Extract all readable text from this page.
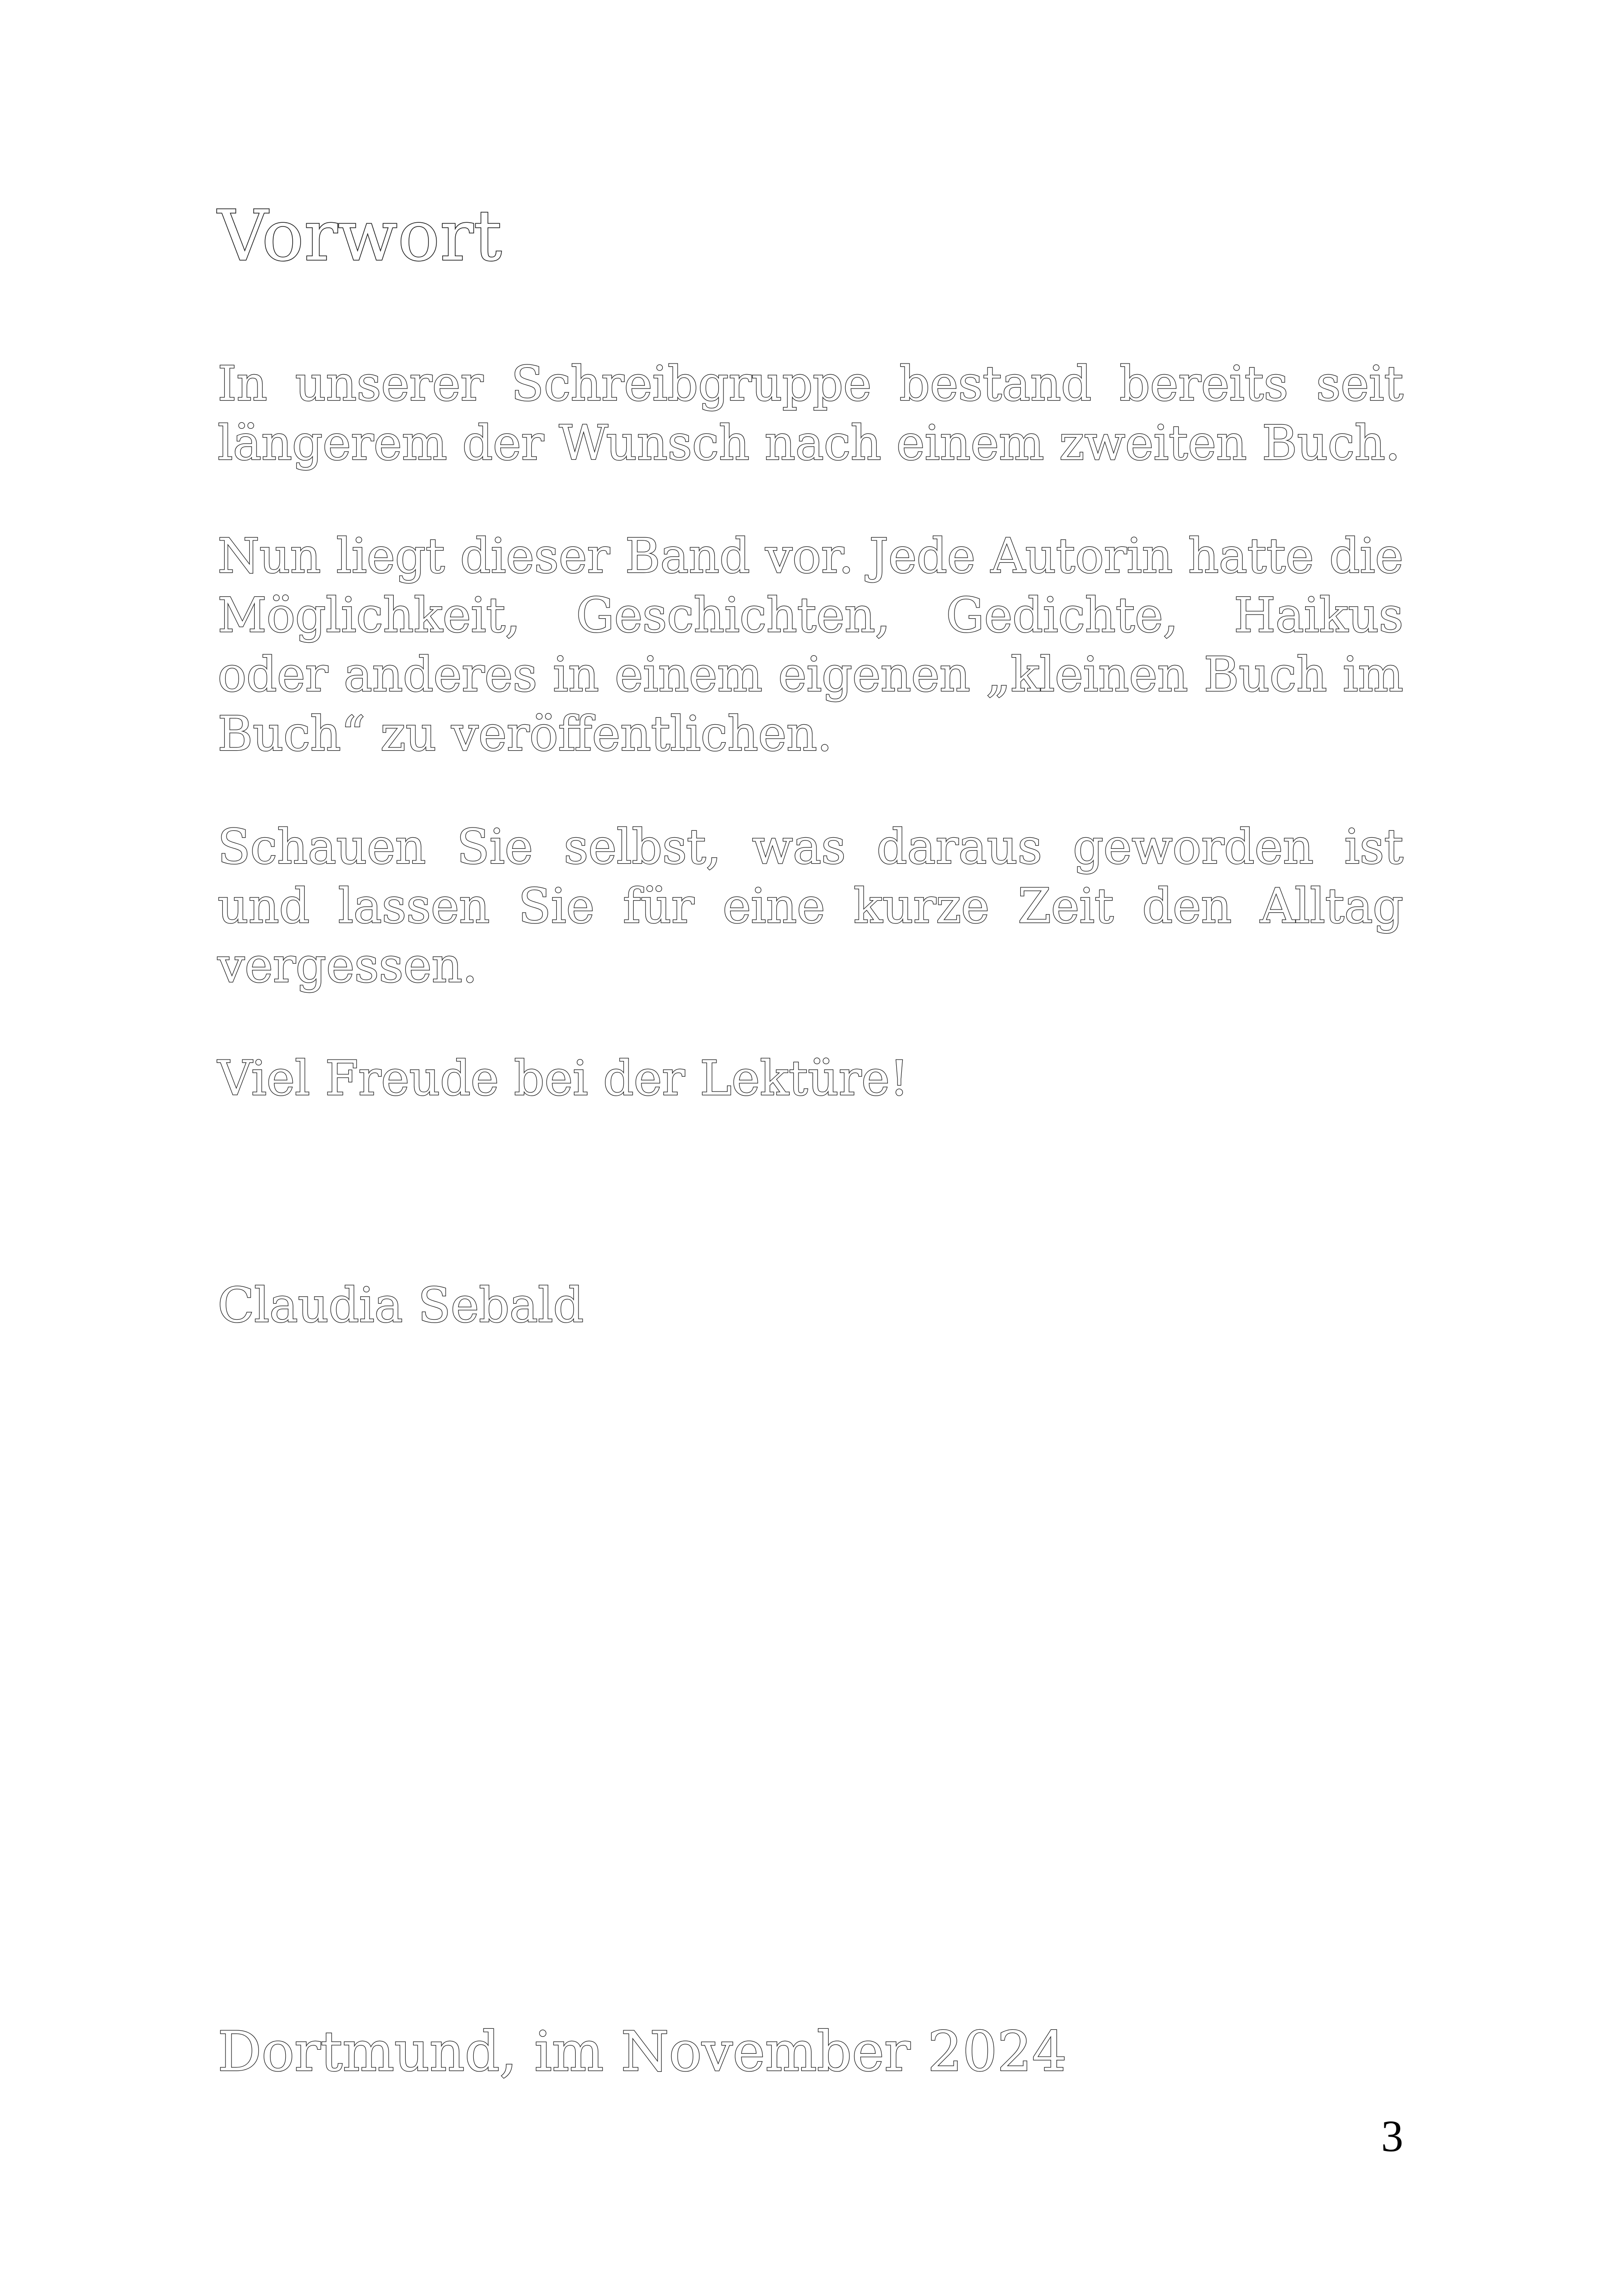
Vorwort

In unserer Schreibgruppe bestand bereits seit längerem der Wunsch nach einem zweiten Buch.

Nun liegt dieser Band vor. Jede Autorin hatte die Möglichkeit, Geschichten, Gedichte, Haikus oder anderes in einem eigenen „kleinen Buch im Buch“ zu veröffentlichen.

Schauen Sie selbst, was daraus geworden ist und lassen Sie für eine kurze Zeit den Alltag vergessen.

Viel Freude bei der Lektüre!

Claudia Sebald

Dortmund, im November 2024

3
